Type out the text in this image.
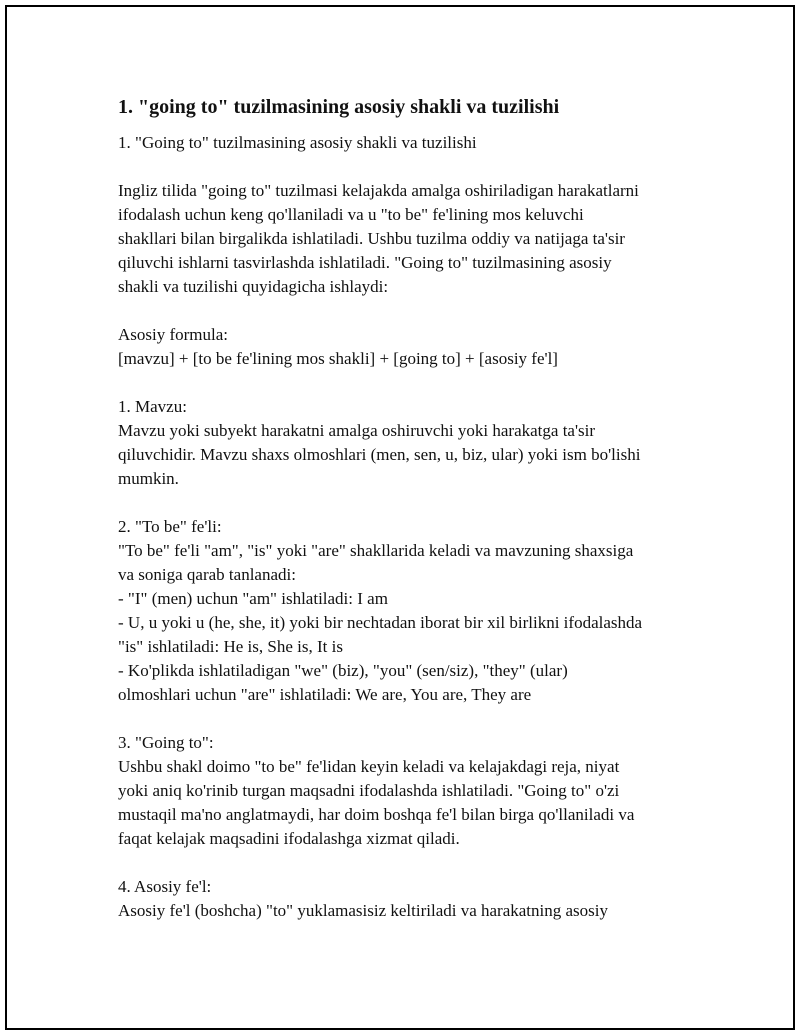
1. "going to" tuzilmasining asosiy shakli va tuzilishi
1. "Going to" tuzilmasining asosiy shakli va tuzilishi
Ingliz tilida "going to" tuzilmasi kelajakda amalga oshiriladigan harakatlarni
ifodalash uchun keng qo'llaniladi va u "to be" fe'lining mos keluvchi
shakllari bilan birgalikda ishlatiladi. Ushbu tuzilma oddiy va natijaga ta'sir
qiluvchi ishlarni tasvirlashda ishlatiladi. "Going to" tuzilmasining asosiy
shakli va tuzilishi quyidagicha ishlaydi:
Asosiy formula:
[mavzu] + [to be fe'lining mos shakli] + [going to] + [asosiy fe'l]
1. Mavzu:
Mavzu yoki subyekt harakatni amalga oshiruvchi yoki harakatga ta'sir
qiluvchidir. Mavzu shaxs olmoshlari (men, sen, u, biz, ular) yoki ism bo'lishi
mumkin.
2. "To be" fe'li:
"To be" fe'li "am", "is" yoki "are" shakllarida keladi va mavzuning shaxsiga
va soniga qarab tanlanadi:
- "I" (men) uchun "am" ishlatiladi: I am
- U, u yoki u (he, she, it) yoki bir nechtadan iborat bir xil birlikni ifodalashda
"is" ishlatiladi: He is, She is, It is
- Ko'plikda ishlatiladigan "we" (biz), "you" (sen/siz), "they" (ular)
olmoshlari uchun "are" ishlatiladi: We are, You are, They are
3. "Going to":
Ushbu shakl doimo "to be" fe'lidan keyin keladi va kelajakdagi reja, niyat
yoki aniq ko'rinib turgan maqsadni ifodalashda ishlatiladi. "Going to" o'zi
mustaqil ma'no anglatmaydi, har doim boshqa fe'l bilan birga qo'llaniladi va
faqat kelajak maqsadini ifodalashga xizmat qiladi.
4. Asosiy fe'l:
Asosiy fe'l (boshcha) "to" yuklamasisiz keltiriladi va harakatning asosiy
